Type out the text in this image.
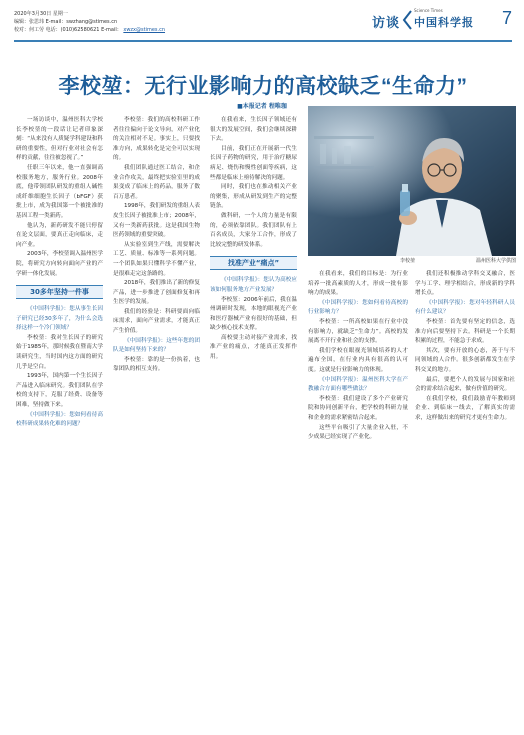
2020年3月30日 星期一
编辑：张思玮 E-mail：swzhang@stimes.cn
校对：何工劳 电话：(010)62580621 E-mail： xwzx@stimes.cn	访谈
Science Times
中国科学报	7
李校堃：无行业影响力的高校缺乏“生命力”
■本报记者 程唯珈

一场访谈中，温州医科大学校长李校堃的一段话让记者印象深刻：“从来没有人质疑学科建设和科研的重要性，但对行业对社会有怎样的贡献，往往被忽视了。”

任职三年以来，他一直强调高校服务地方，服务行业。2008年底，他带领团队研发的重组人碱性成纤维细胞生长因子（bFGF）获批上市，成为我国第一个被批准的基因工程一类新药。

他认为，新药研发不能只停留在论文层面，要真正走向临床，走向产业。

2003年，李校堃调入温州医学院，将研究方向转向面向产业的产学研一体化发展。

30多年坚持一件事

《中国科学报》：您从事生长因子研究已经30多年了，为什么会选择这样一个冷门领域？

李校堃：我对生长因子的研究始于1985年，那时候我在暨南大学读研究生，当时国内这方面的研究几乎是空白。

1993年，国内第一个生长因子产品进入临床研究。我们团队在学校的支持下，克服了经费、设备等困难，坚持做下来。

《中国科学报》：您如何看待高校科研成果转化难的问题？

李校堃：我们的高校科研工作者往往偏向于论文导向，对产业化的关注相对不足。事实上，只要找准方向，成果转化是完全可以实现的。

我们团队通过医工结合，和企业合作攻关，最终把实验室里的成果变成了临床上的药品，服务了数百万患者。

1998年，我们研发的重组人表皮生长因子被批准上市；2008年，又有一类新药获批。这是我国生物医药领域的重要突破。

从实验室到生产线，需要解决工艺、质量、标准等一系列问题。一个团队如果只懂科学不懂产业，是很难走完这条路的。

2018年，我们推出了新的修复产品，进一步推进了创面修复和再生医学的发展。

我们的经验是：科研要面向临床需求，面向产业需求，才能真正产生价值。

《中国科学报》：这些年您的团队是如何坚持下来的？

李校堃：靠的是一份执着，也靠团队的相互支持。

在我看来，生长因子领域还有很大的发展空间，我们会继续深耕下去。

目前，我们正在开展新一代生长因子药物的研究，用于治疗糖尿病足、烧伤和慢性创面等疾病，这些都是临床上亟待解决的问题。

同时，我们也在推动相关产业的聚集，形成从研发到生产的完整链条。

做科研，一个人的力量是有限的，必须依靠团队。我们团队有上百名成员，大家分工合作，形成了比较完整的研发体系。

找准产业“痛点”

《中国科学报》：您认为高校应该如何服务地方产业发展？

李校堃：2006年前后，我在温州调研时发现，本地的眼视光产业和医疗器械产业有很好的基础，但缺少核心技术支撑。

高校要主动对接产业需求，找准产业的痛点，才能真正发挥作用。

李校堃	温州医科大学供图

在我看来，我们的目标是：为行业培养一批高素质的人才，形成一批有影响力的成果。

《中国科学报》：您如何看待高校的行业影响力？

李校堃：一所高校如果在行业中没有影响力，就缺乏“生命力”。高校的发展离不开行业和社会的支撑。

我们学校在眼视光领域培养的人才遍布全国，在行业内具有很高的认可度。这就是行业影响力的体现。

《中国科学报》：温州医科大学在产教融合方面有哪些做法？

李校堃：我们建设了多个产业研究院和协同创新平台，把学校的科研力量和企业的需求紧密结合起来。

这些平台吸引了大量企业入驻，不少成果已经实现了产业化。

我们还积极推动学科交叉融合，医学与工学、理学相结合，形成新的学科增长点。

《中国科学报》：您对年轻科研人员有什么建议？

李校堃：首先要有坚定的信念，选准方向后要坚持下去。科研是一个长期积累的过程，不能急于求成。

其次，要有开放的心态，善于与不同领域的人合作。很多创新都发生在学科交叉的地方。

最后，要把个人的发展与国家和社会的需求结合起来，做有价值的研究。

在我们学校，我们鼓励青年教师到企业、到临床一线去，了解真实的需求，这样做出来的研究才更有生命力。
